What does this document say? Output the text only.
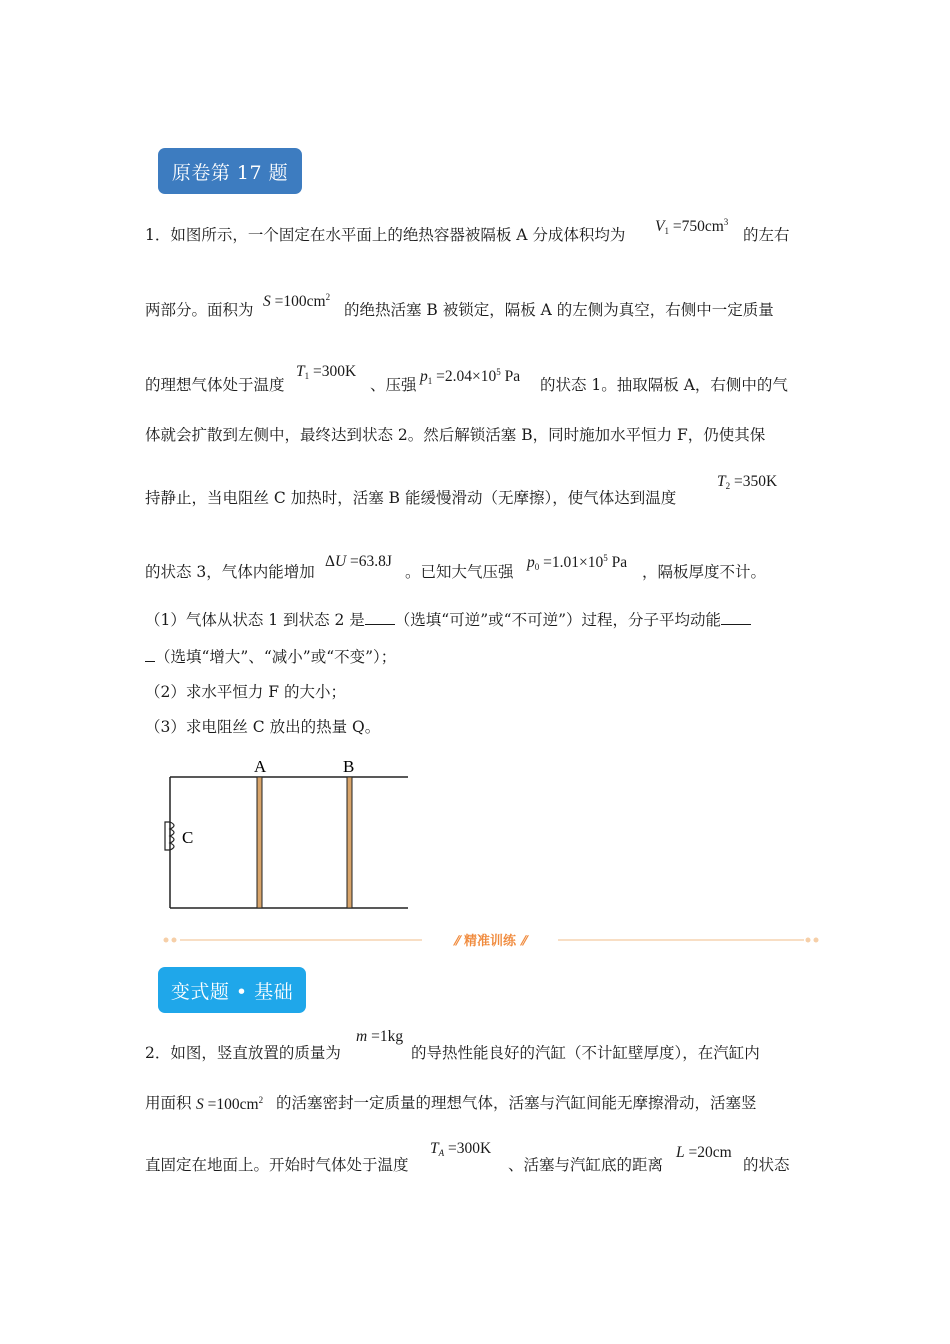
原卷第 17 题
1．如图所示，一个固定在水平面上的绝热容器被隔板 A 分成体积均为 $V_1 =750cm^3$
的左右
两部分。面积为 $S =100cm^2$
的绝热活塞 B 被锁定，隔板 A 的左侧为真空，右侧中一定质量
的理想气体处于温度
$T_1 =300K$
、压强 $p_1 =2.04\times 10^5$ Pa 的状态 1。抽取隔板 A，右侧中的气
体就会扩散到左侧中，最终达到状态 2。然后解锁活塞 B，同时施加水平恒力 F，仍使其保
持静止，当电阻丝 C 加热时，活塞 B 能缓慢滑动（无摩擦），使气体达到温度
$T_2 =350K$
的状态 3，气体内能增加
ΔU =63.8J
。已知大气压强
$p_0 =1.01\times 10^5$ Pa
，隔板厚度不计。
（1）气体从状态 1 到状态 2 是 （选填“可逆”或“不可逆”）过程，分子平均动能
（选填“增大”、“减小”或“不变”）；
（2）求水平恒力 F 的大小；
（3）求电阻丝 C 放出的热量 Q。
A	B
C
⫽ 精准训练 ⫽
变式题 • 基础
2．如图，竖直放置的质量为
m =1kg
的导热性能良好的汽缸（不计缸壁厚度），在汽缸内
用面积 $S =100cm^2$ 的活塞密封一定质量的理想气体，活塞与汽缸间能无摩擦滑动，活塞竖
直固定在地面上。开始时气体处于温度
$T_A =300K$
、活塞与汽缸底的距离
L =20cm
的状态
